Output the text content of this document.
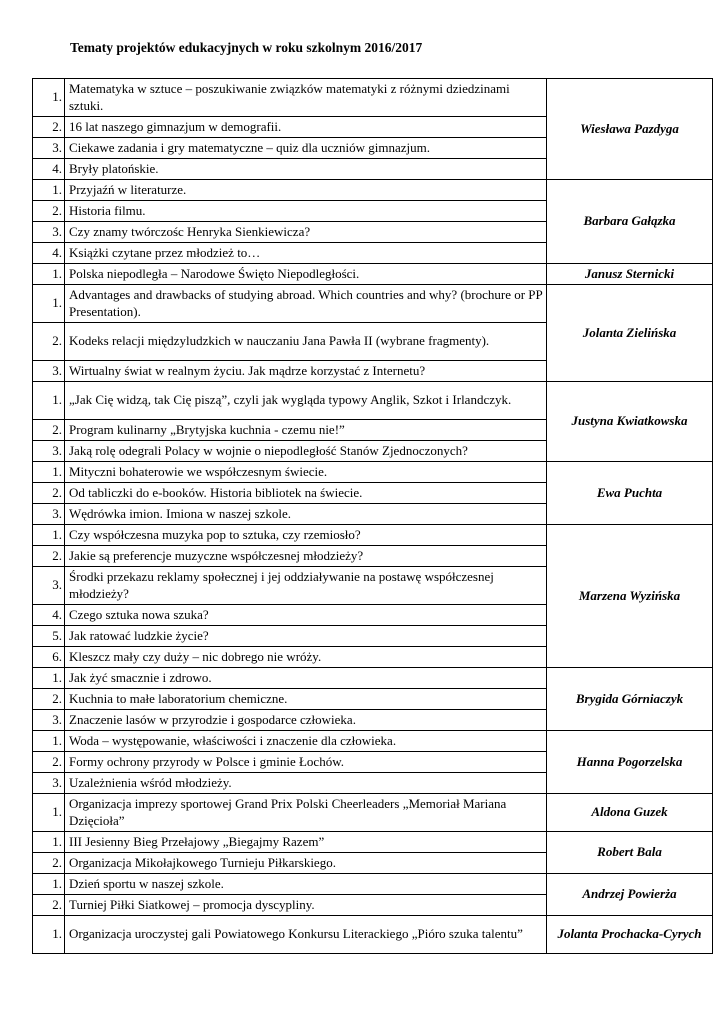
Tematy projektów edukacyjnych w roku szkolnym 2016/2017
1.	Matematyka w sztuce – poszukiwanie związków matematyki z różnymi dziedzinami sztuki.	Wiesława Pazdyga
2.	16 lat naszego gimnazjum w demografii.	
3.	Ciekawe zadania i gry matematyczne – quiz dla uczniów gimnazjum.	
4.	Bryły platońskie.	
1.	Przyjaźń w literaturze.	Barbara Gałązka
2.	Historia filmu.	
3.	Czy znamy twórczośc Henryka Sienkiewicza?	
4.	Książki czytane przez młodzież to…	
1.	Polska niepodległa – Narodowe Święto Niepodległości.	Janusz Sternicki
1.	Advantages and drawbacks of studying abroad. Which countries and why? (brochure or PP Presentation).	Jolanta Zielińska
2.	Kodeks relacji międzyludzkich w nauczaniu Jana Pawła II (wybrane fragmenty).	
3.	Wirtualny świat w realnym życiu. Jak mądrze korzystać z Internetu?	
1.	„Jak Cię widzą, tak Cię piszą”, czyli jak wygląda typowy Anglik, Szkot i Irlandczyk.	Justyna Kwiatkowska
2.	Program kulinarny „Brytyjska kuchnia - czemu nie!”	
3.	Jaką rolę odegrali Polacy w wojnie o niepodległość Stanów Zjednoczonych?	
1.	Mityczni bohaterowie we współczesnym świecie.	Ewa Puchta
2.	Od tabliczki do e-booków. Historia bibliotek na świecie.	
3.	Wędrówka imion. Imiona w naszej szkole.	
1.	Czy współczesna muzyka pop to sztuka, czy rzemiosło?	Marzena Wyzińska
2.	Jakie są preferencje muzyczne współczesnej młodzieży?	
3.	Środki przekazu reklamy społecznej i jej oddziaływanie na postawę współczesnej młodzieży?	
4.	Czego sztuka nowa szuka?	
5.	Jak ratować ludzkie życie?	
6.	Kleszcz mały czy duży – nic dobrego nie wróży.	
1.	Jak żyć smacznie i zdrowo.	Brygida Górniaczyk
2.	Kuchnia to małe laboratorium chemiczne.	
3.	Znaczenie lasów w przyrodzie i gospodarce człowieka.	
1.	Woda – występowanie, właściwości i znaczenie dla człowieka.	Hanna Pogorzelska
2.	Formy ochrony przyrody w Polsce i gminie Łochów.	
3.	Uzależnienia wśród młodzieży.	
1.	Organizacja imprezy sportowej Grand Prix Polski Cheerleaders „Memoriał Mariana Dzięcioła”	Aldona Guzek
1.	III Jesienny Bieg Przełajowy „Biegajmy Razem”	Robert Bala
2.	Organizacja Mikołajkowego Turnieju Piłkarskiego.	
1.	Dzień sportu w naszej szkole.	Andrzej Powierża
2.	Turniej Piłki Siatkowej – promocja dyscypliny.	
1.	Organizacja uroczystej gali Powiatowego Konkursu Literackiego „Pióro szuka talentu”	Jolanta Prochacka-Cyrych
